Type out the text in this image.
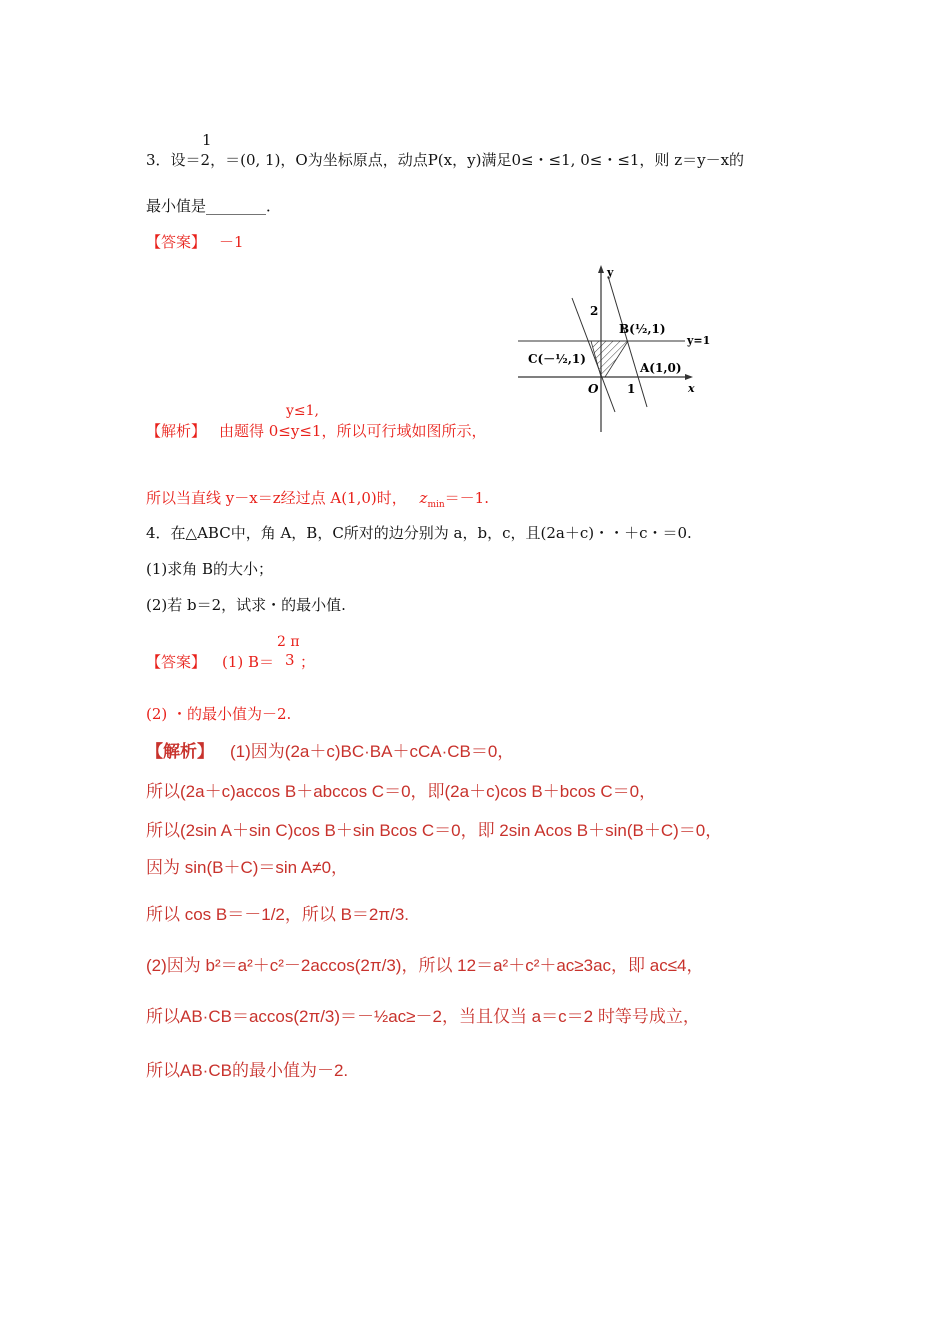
1
3．设＝2，＝(0, 1)，O为坐标原点，动点P(x，y)满足0≤・≤1, 0≤・≤1，则 z＝y－x的
最小值是________．
【答案】 －1
y
x
O
2
1
B(½,1)
y=1
C(－½,1)
A(1,0)
y≤1,
【解析】 由题得 0≤y≤1，所以可行域如图所示，
所以当直线 y－x＝z经过点 A(1,0)时， $z_{min}=-1$.
4．在△ABC中，角 A，B，C所对的边分别为 a，b，c，且(2a＋c)・・＋c・＝0.
(1)求角 B的大小；
(2)若 b＝2，试求・的最小值.
2 π
【答案】 (1) B＝ 3 ；
(2) ・的最小值为－2.
【解析】 (1)因为(2a＋c)BC·BA＋cCA·CB＝0，
所以(2a＋c)accos B＋abccos C＝0，即(2a＋c)cos B＋bcos C＝0，
所以(2sin A＋sin C)cos B＋sin Bcos C＝0，即 2sin Acos B＋sin(B＋C)＝0，
因为 sin(B＋C)＝sin A≠0，
所以 cos B＝－1/2，所以 B＝2π/3.
(2)因为 b²＝a²＋c²－2accos(2π/3)，所以 12＝a²＋c²＋ac≥3ac，即 ac≤4，
所以AB·CB＝accos(2π/3)＝－½ac≥－2，当且仅当 a＝c＝2 时等号成立，
所以AB·CB的最小值为－2.
